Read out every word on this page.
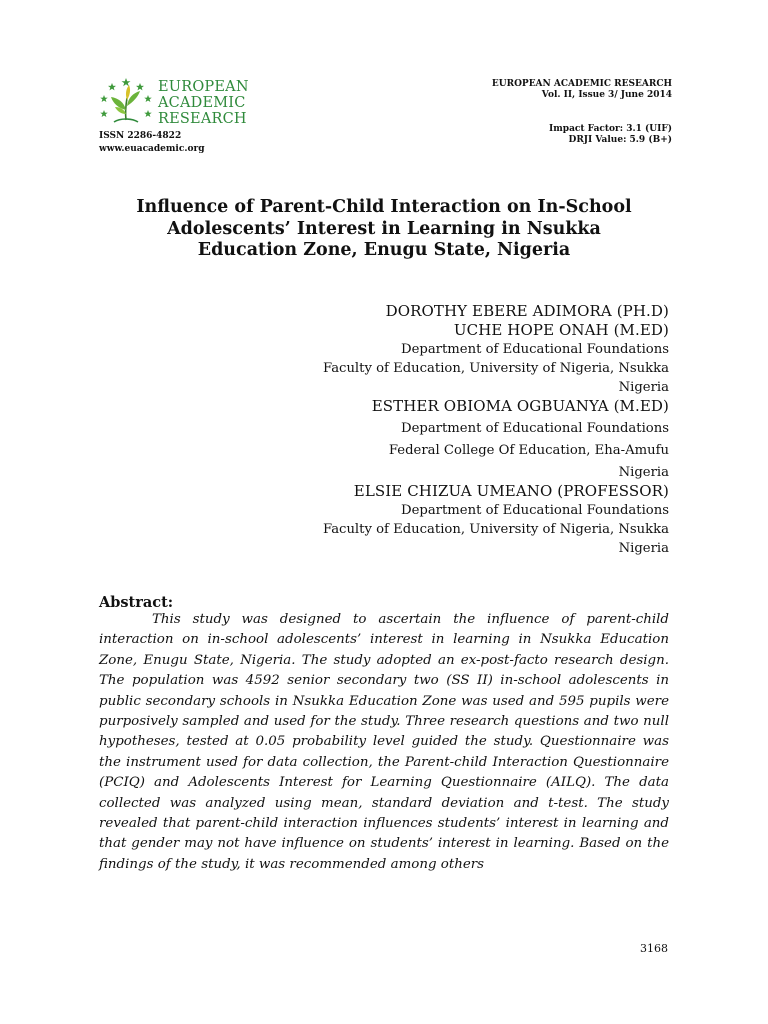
EUROPEAN
ACADEMIC
RESEARCH
ISSN 2286-4822
www.euacademic.org
EUROPEAN ACADEMIC RESEARCH
Vol. II, Issue 3/ June 2014
Impact Factor: 3.1 (UIF)
DRJI Value: 5.9 (B+)
Influence of Parent-Child Interaction on In-School
Adolescents’ Interest in Learning in Nsukka
Education Zone, Enugu State, Nigeria
DOROTHY EBERE ADIMORA (PH.D)
UCHE HOPE ONAH (M.ED)
Department of Educational Foundations
Faculty of Education, University of Nigeria, Nsukka
Nigeria
ESTHER OBIOMA OGBUANYA (M.ED)
Department of Educational Foundations
Federal College Of Education, Eha-Amufu
Nigeria
ELSIE CHIZUA UMEANO (PROFESSOR)
Department of Educational Foundations
Faculty of Education, University of Nigeria, Nsukka
Nigeria
Abstract:

This study was designed to ascertain the influence of parent-child interaction on in-school adolescents’ interest in learning in Nsukka Education Zone, Enugu State, Nigeria. The study adopted an ex-post-facto research design. The population was 4592 senior secondary two (SS II) in-school adolescents in public secondary schools in Nsukka Education Zone was used and 595 pupils were purposively sampled and used for the study. Three research questions and two null hypotheses, tested at 0.05 probability level guided the study. Questionnaire was the instrument used for data collection, the Parent-child Interaction Questionnaire (PCIQ) and Adolescents Interest for Learning Questionnaire (AILQ). The data collected was analyzed using mean, standard deviation and t-test. The study revealed that parent-child interaction influences students’ interest in learning and that gender may not have influence on students’ interest in learning. Based on the findings of the study, it was recommended among others

3168
